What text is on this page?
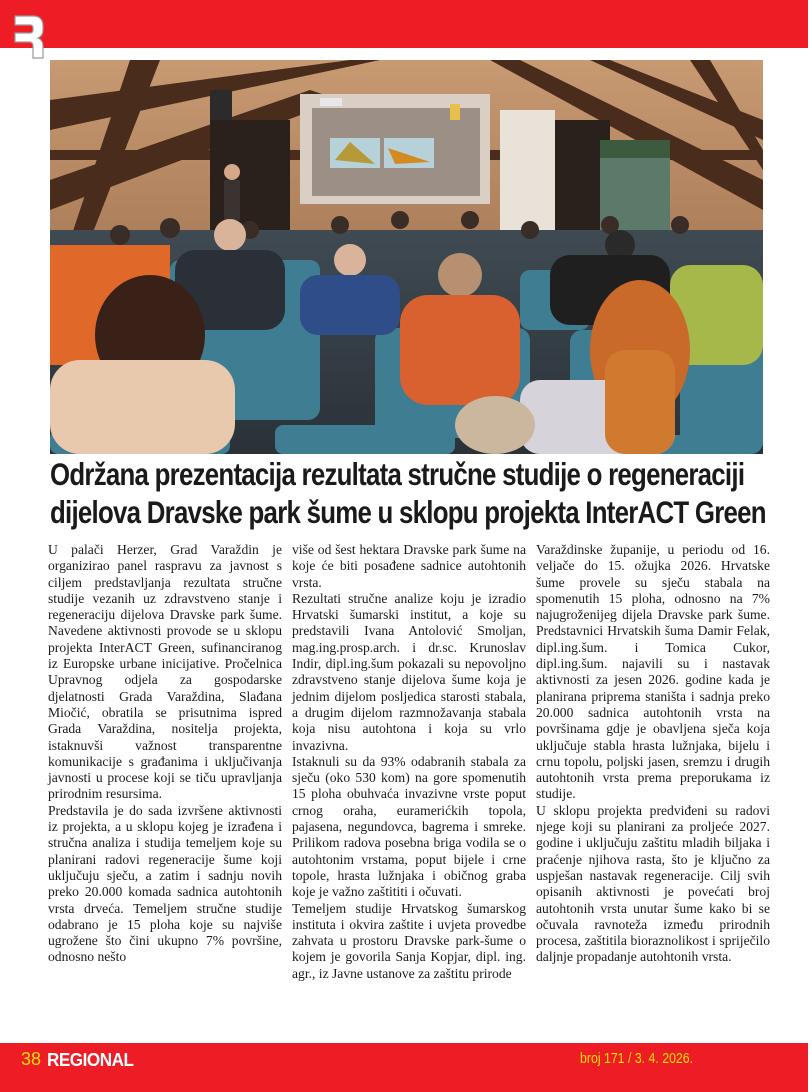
Održana prezentacija rezultata stručne studije o regeneraciji
dijelova Dravske park šume u sklopu projekta InterACT Green

U palači Herzer, Grad Varaždin je organizirao panel raspravu za javnost s ciljem predstavljanja rezultata stručne studije vezanih uz zdravstveno stanje i regeneraciju dijelova Dravske park šume. Navedene aktivnosti provode se u sklopu projekta InterACT Green, sufinanciranog iz Europske urbane inicijative. Pročelnica Upravnog odjela za gospodarske djelatnosti Grada Varaždina, Slađana Miočić, obratila se prisutnima ispred Grada Varaždina, nositelja projekta, istaknuvši važnost transparentne komunikacije s građanima i uključivanja javnosti u procese koji se tiču upravljanja prirodnim resursima.

Predstavila je do sada izvršene aktivnosti iz projekta, a u sklopu kojeg je izrađena i stručna analiza i studija temeljem koje su planirani radovi regeneracije šume koji uključuju sječu, a zatim i sadnju novih preko 20.000 komada sadnica autohtonih vrsta drveća. Temeljem stručne studije odabrano je 15 ploha koje su najviše ugrožene što čini ukupno 7% površine, odnosno nešto

više od šest hektara Dravske park šume na koje će biti posađene sadnice autohtonih vrsta.

Rezultati stručne analize koju je izradio Hrvatski šumarski institut, a koje su predstavili Ivana Antolović Smoljan, mag.ing.prosp.arch. i dr.sc. Krunoslav Indir, dipl.ing.šum pokazali su nepovoljno zdravstveno stanje dijelova šume koja je jednim dijelom posljedica starosti stabala, a drugim dijelom razmnožavanja stabala koja nisu autohtona i koja su vrlo invazivna.

Istaknuli su da 93% odabranih stabala za sječu (oko 530 kom) na gore spomenutih 15 ploha obuhvaća invazivne vrste poput crnog oraha, euramerićkih topola, pajasena, negundovca, bagrema i smreke. Prilikom radova posebna briga vodila se o autohtonim vrstama, poput bijele i crne topole, hrasta lužnjaka i običnog graba koje je važno zaštititi i očuvati.

Temeljem studije Hrvatskog šumarskog instituta i okvira zaštite i uvjeta provedbe zahvata u prostoru Dravske park-šume o kojem je govorila Sanja Kopjar, dipl. ing. agr., iz Javne ustanove za zaštitu prirode

Varaždinske županije, u periodu od 16. veljače do 15. ožujka 2026. Hrvatske šume provele su sječu stabala na spomenutih 15 ploha, odnosno na 7% najugroženijeg dijela Dravske park šume. Predstavnici Hrvatskih šuma Damir Felak, dipl.ing.šum. i Tomica Cukor, dipl.ing.šum. najavili su i nastavak aktivnosti za jesen 2026. godine kada je planirana priprema staništa i sadnja preko 20.000 sadnica autohtonih vrsta na površinama gdje je obavljena sječa koja uključuje stabla hrasta lužnjaka, bijelu i crnu topolu, poljski jasen, sremzu i drugih autohtonih vrsta prema preporukama iz studije.

U sklopu projekta predviđeni su radovi njege koji su planirani za proljeće 2027. godine i uključuju zaštitu mladih biljaka i praćenje njihova rasta, što je ključno za uspješan nastavak regeneracije. Cilj svih opisanih aktivnosti je povećati broj autohtonih vrsta unutar šume kako bi se očuvala ravnoteža između prirodnih procesa, zaštitila bioraznolikost i spriječilo daljnje propadanje autohtonih vrsta.

38 REGIONAL	broj 171 / 3. 4. 2026.
